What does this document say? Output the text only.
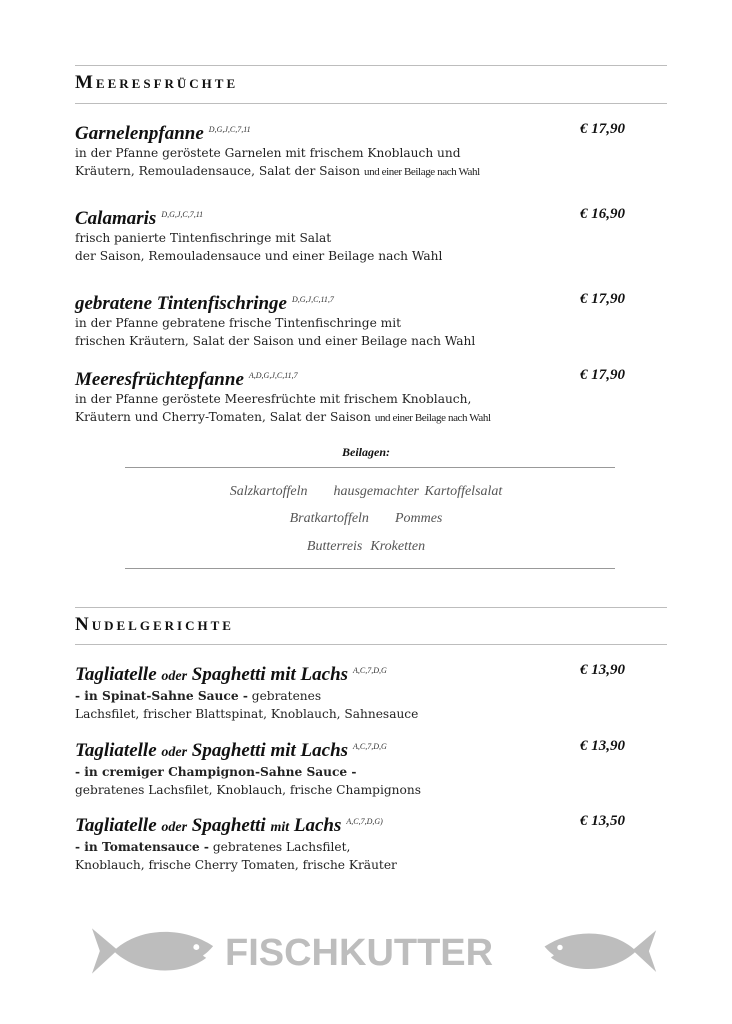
Meeresfrüchte
Garnelenpfanne $^{D,G,J,C,7,11}$	€ 17,90
in der Pfanne geröstete Garnelen mit frischem Knoblauch und
Kräutern, Remouladensauce, Salat der Saison und einer Beilage nach Wahl
Calamaris $^{D,G,J,C,7,11}$	€ 16,90
frisch panierte Tintenfischringe mit Salat
der Saison, Remouladensauce und einer Beilage nach Wahl
gebratene Tintenfischringe $^{D,G,J,C,11,7}$	€ 17,90
in der Pfanne gebratene frische Tintenfischringe mit
frischen Kräutern, Salat der Saison und einer Beilage nach Wahl
Meeresfrüchtepfanne $^{A,D,G,J,C,11,7}$	€ 17,90
in der Pfanne geröstete Meeresfrüchte mit frischem Knoblauch,
Kräutern und Cherry-Tomaten, Salat der Saison und einer Beilage nach Wahl
Beilagen:
Salzkartoffeln hausgemachter Kartoffelsalat
Bratkartoffeln Pommes
Butterreis Kroketten
Nudelgerichte
Tagliatelle oder Spaghetti mit Lachs $^{A,C,7,D,G}$	€ 13,90
- in Spinat-Sahne Sauce - gebratenes
Lachsfilet, frischer Blattspinat, Knoblauch, Sahnesauce
Tagliatelle oder Spaghetti mit Lachs $^{A,C,7,D,G}$	€ 13,90
- in cremiger Champignon-Sahne Sauce -
gebratenes Lachsfilet, Knoblauch, frische Champignons
Tagliatelle oder Spaghetti mit Lachs $^{A,C,7,D,G)}$	€ 13,50
- in Tomatensauce - gebratenes Lachsfilet,
Knoblauch, frische Cherry Tomaten, frische Kräuter
FISCHKUTTER
